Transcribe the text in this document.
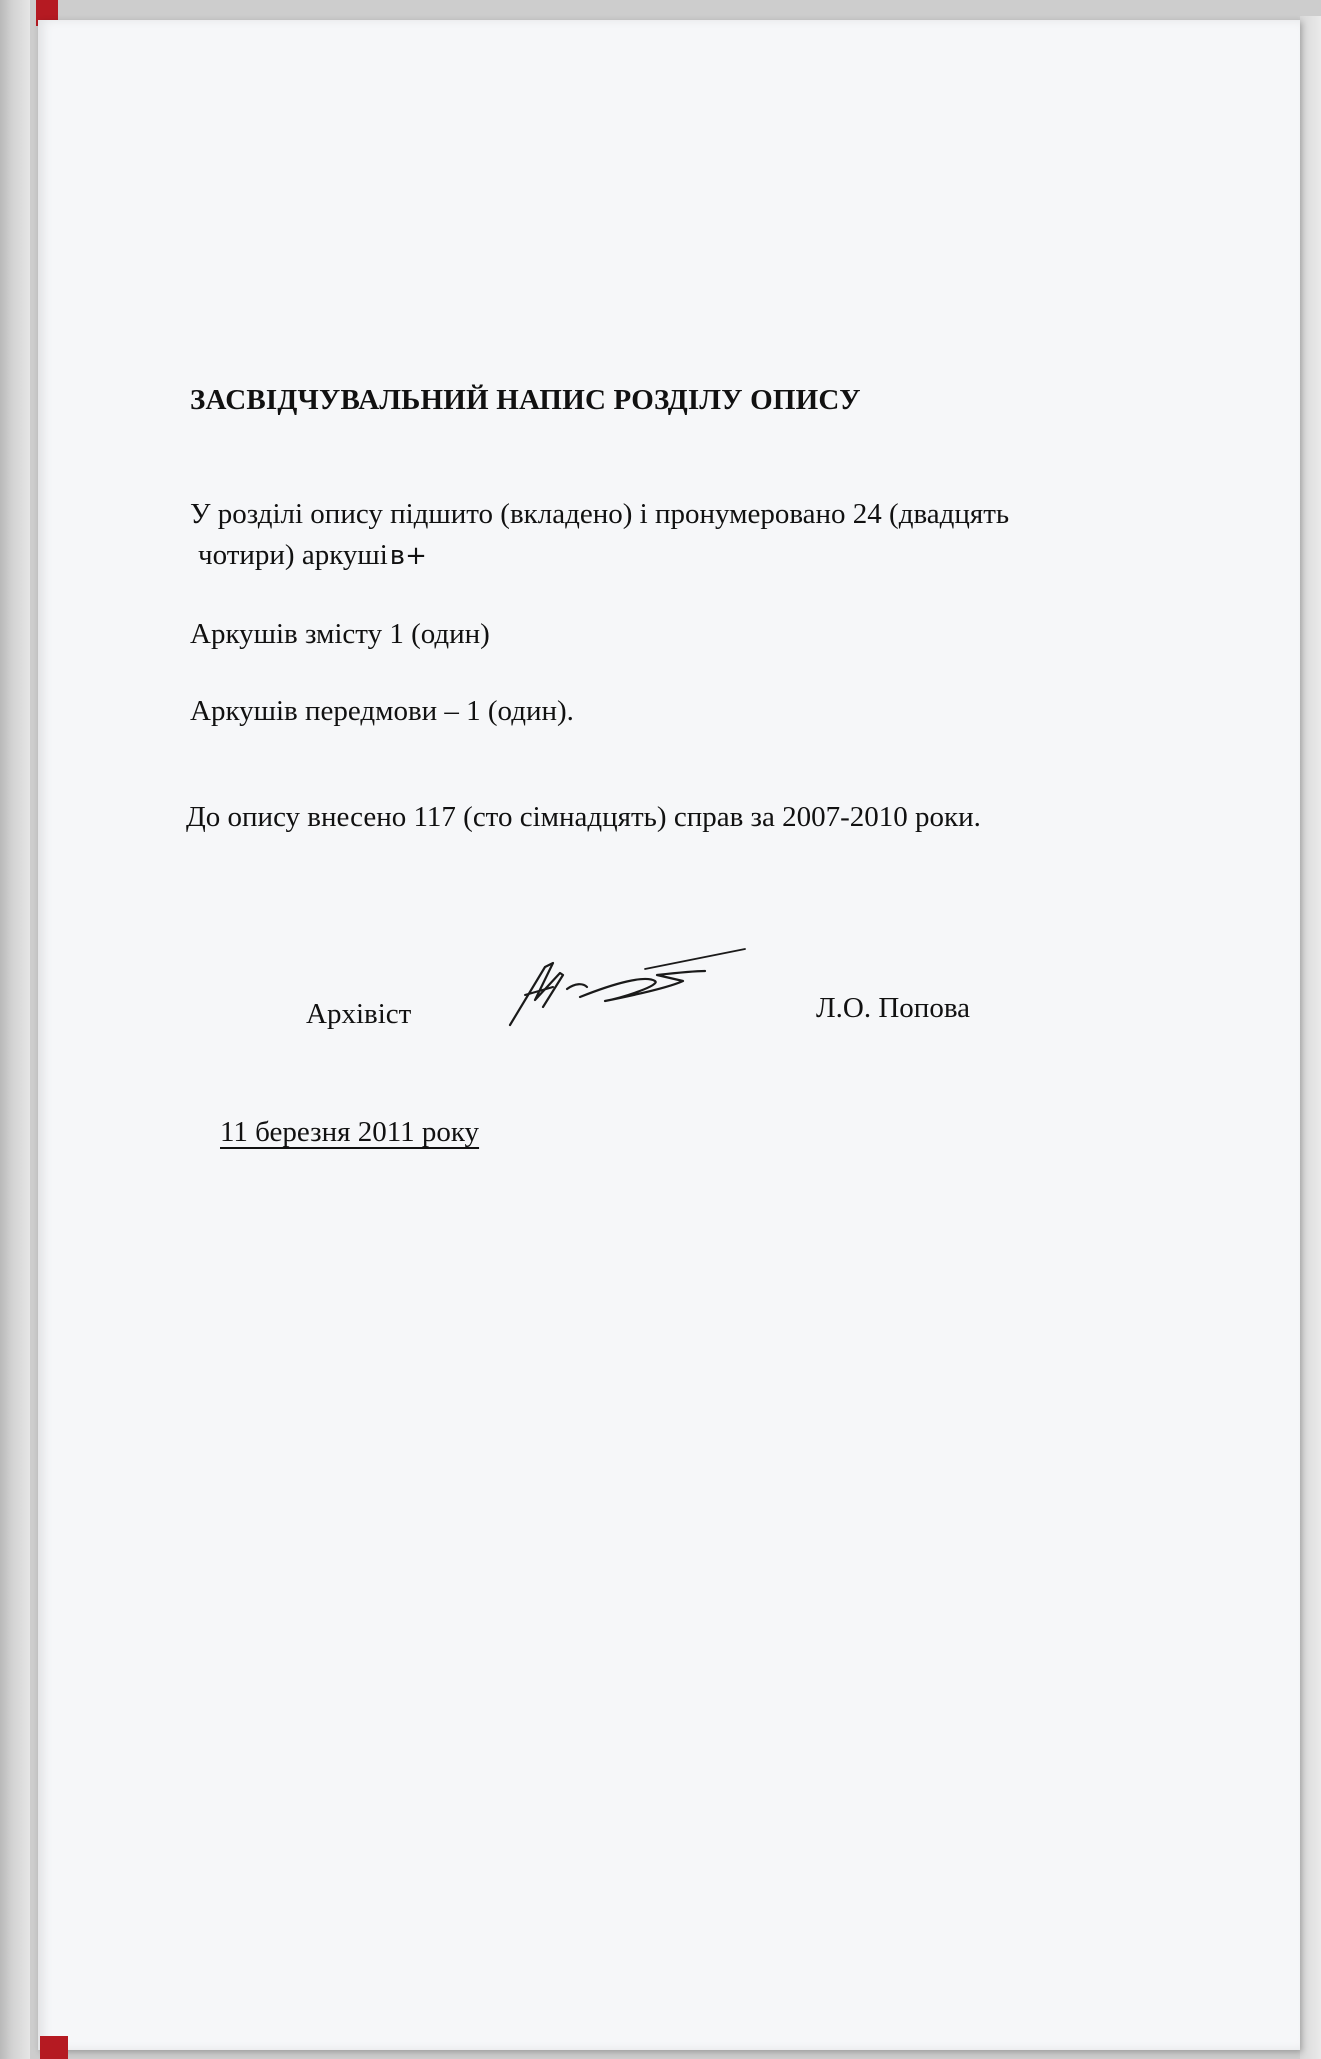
ЗАСВІДЧУВАЛЬНИЙ НАПИС РОЗДІЛУ ОПИСУ
У розділі опису підшито (вкладено) і пронумеровано 24 (двадцять
чотири) аркушів+
Аркушів змісту 1 (один)
Аркушів передмови – 1 (один).
До опису внесено 117 (сто сімнадцять) справ за 2007-2010 роки.
Архівіст	Л.О. Попова
11 березня 2011 року
